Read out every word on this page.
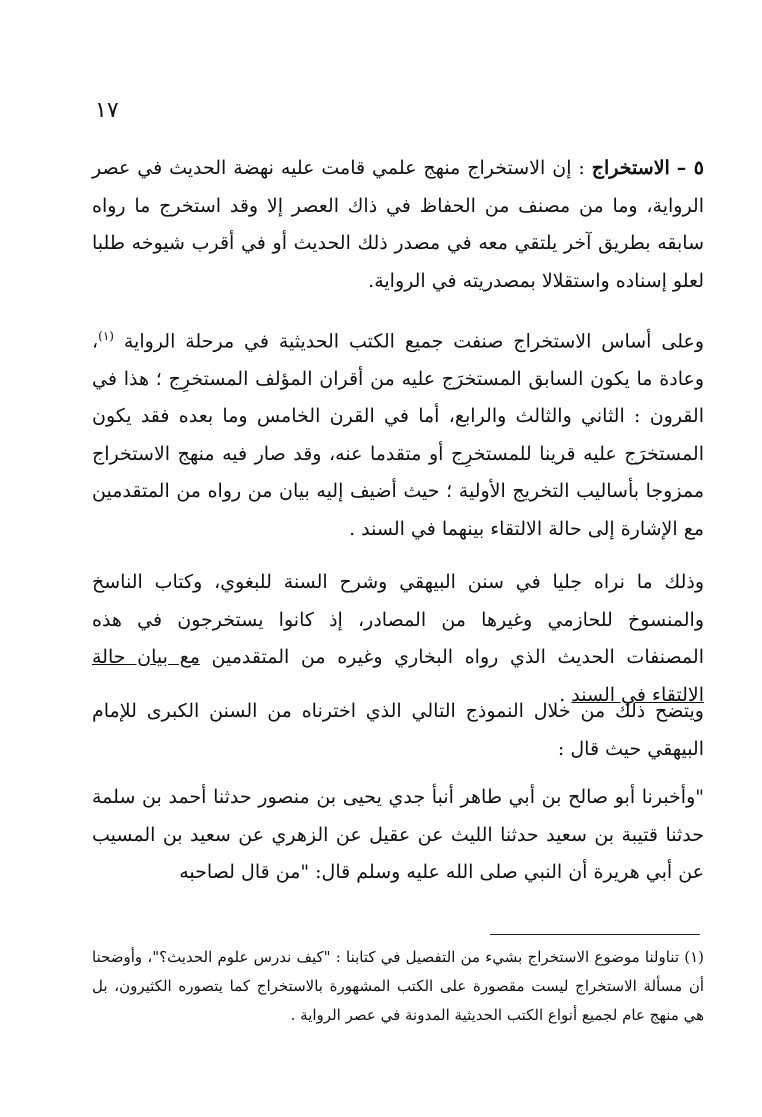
١٧

٥ – الاستخراج : إن الاستخراج منهج علمي قامت عليه نهضة الحديث في عصر الرواية، وما من مصنف من الحفاظ في ذاك العصر إلا وقد استخرج ما رواه سابقه بطريق آخر يلتقي معه في مصدر ذلك الحديث أو في أقرب شيوخه طلبا لعلو إسناده واستقلالا بمصدريته في الرواية.

وعلى أساس الاستخراج صنفت جميع الكتب الحديثية في مرحلة الرواية $^{(١)}$، وعادة ما يكون السابق المستخرَج عليه من أقران المؤلف المستخرِج ؛ هذا في القرون : الثاني والثالث والرابع، أما في القرن الخامس وما بعده فقد يكون المستخرَج عليه قرينا للمستخرِج أو متقدما عنه، وقد صار فيه منهج الاستخراج ممزوجا بأساليب التخريج الأولية ؛ حيث أضيف إليه بيان من رواه من المتقدمين مع الإشارة إلى حالة الالتقاء بينهما في السند .

وذلك ما نراه جليا في سنن البيهقي وشرح السنة للبغوي، وكتاب الناسخ والمنسوخ للحازمي وغيرها من المصادر، إذ كانوا يستخرجون في هذه المصنفات الحديث الذي رواه البخاري وغيره من المتقدمين مع بيان حالة الالتقاء في السند .

ويتضح ذلك من خلال النموذج التالي الذي اخترناه من السنن الكبرى للإمام البيهقي حيث قال :

"وأخبرنا أبو صالح بن أبي طاهر أنبأ جدي يحيى بن منصور حدثنا أحمد بن سلمة حدثنا قتيبة بن سعيد حدثنا الليث عن عقيل عن الزهري عن سعيد بن المسيب عن أبي هريرة أن النبي صلى الله عليه وسلم قال: "من قال لصاحبه

(١) تناولنا موضوع الاستخراج بشيء من التفصيل في كتابنا : "كيف ندرس علوم الحديث؟"، وأوضحنا أن مسألة الاستخراج ليست مقصورة على الكتب المشهورة بالاستخراج كما يتصوره الكثيرون، بل هي منهج عام لجميع أنواع الكتب الحديثية المدونة في عصر الرواية .
